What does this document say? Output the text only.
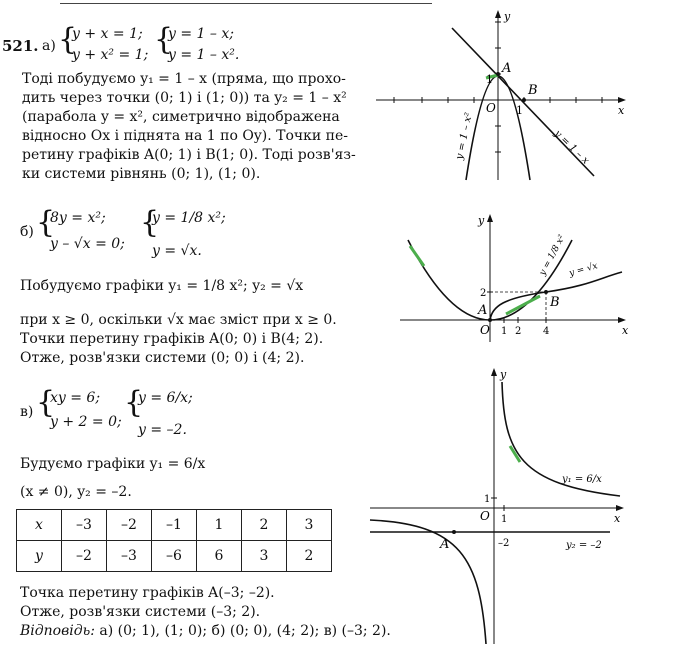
521. а) {
y + x = 1;
y + x² = 1; {
y = 1 – x;
y = 1 – x².
Тоді побудуємо y₁ = 1 – x (пряма, що прохо-
дить через точки (0; 1) і (1; 0)) та y₂ = 1 – x²
(парабола y = x², симетрично відображена
відносно Ox і піднята на 1 по Oy). Точки пе-
ретину графіків A(0; 1) і B(1; 0). Тоді розв'яз-
ки системи рівнянь (0; 1), (1; 0).
y
x
O
1
1
A
B
y = 1 – x
y = 1 – x²
б) {
8y = x²;
y – √x = 0;
{
y = 1/8 x²;
y = √x.
Побудуємо графіки y₁ = 1/8 x²; y₂ = √x
при x ≥ 0, оскільки √x має зміст при x ≥ 0.
Точки перетину графіків A(0; 0) і B(4; 2).
Отже, розв'язки системи (0; 0) і (4; 2).
y
x
O 1 2 4
2
A
B
y = 1/8 x² y = √x
в) {
xy = 6;
y + 2 = 0;
{
y = 6/x;
y = –2.
Будуємо графіки y₁ = 6/x
(x ≠ 0), y₂ = –2.
x	–3	–2	–1	1	2	3
y	–2	–3	–6	6	3	2
Точка перетину графіків A(–3; –2).
Отже, розв'язки системи (–3; 2).
Відповідь: а) (0; 1), (1; 0); б) (0; 0), (4; 2); в) (–3; 2).
y
x
O
1
1
–2
A
y₁ = 6/x
y₂ = –2
